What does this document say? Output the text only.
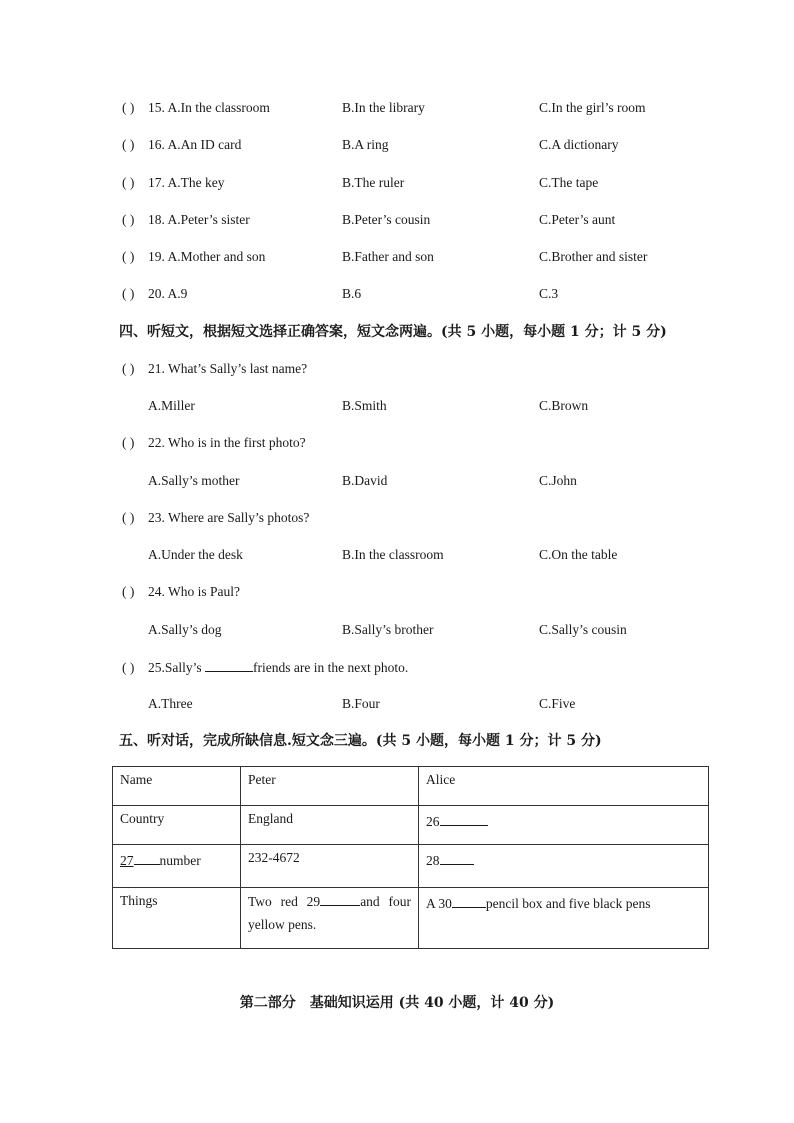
( ) 15. A.In the classroom	B.In the library	C.In the girl’s room
( ) 16. A.An ID card	B.A ring	C.A dictionary
( ) 17. A.The key	B.The ruler	C.The tape
( ) 18. A.Peter’s sister	B.Peter’s cousin	C.Peter’s aunt
( ) 19. A.Mother and son	B.Father and son	C.Brother and sister
( ) 20. A.9	B.6	C.3
四、听短文，根据短文选择正确答案，短文念两遍。(共 5 小题，每小题 1 分；计 5 分)
( ) 21. What’s Sally’s last name?
A.Miller	B.Smith	C.Brown
( ) 22. Who is in the first photo?
A.Sally’s mother	B.David	C.John
( ) 23. Where are Sally’s photos?
A.Under the desk	B.In the classroom	C.On the table
( ) 24. Who is Paul?
A.Sally’s dog	B.Sally’s brother	C.Sally’s cousin
( ) 25.Sally’s	friends are in the next photo.
A.Three	B.Four	C.Five
五、听对话，完成所缺信息.短文念三遍。(共 5 小题，每小题 1 分；计 5 分)
Name	Peter	Alice
Country	England	26
27 number	232-4672	28
Things	Two red 29 and four yellow pens.	A 30 pencil box and five black pens
第二部分　基础知识运用 (共 40 小题，计 40 分)
